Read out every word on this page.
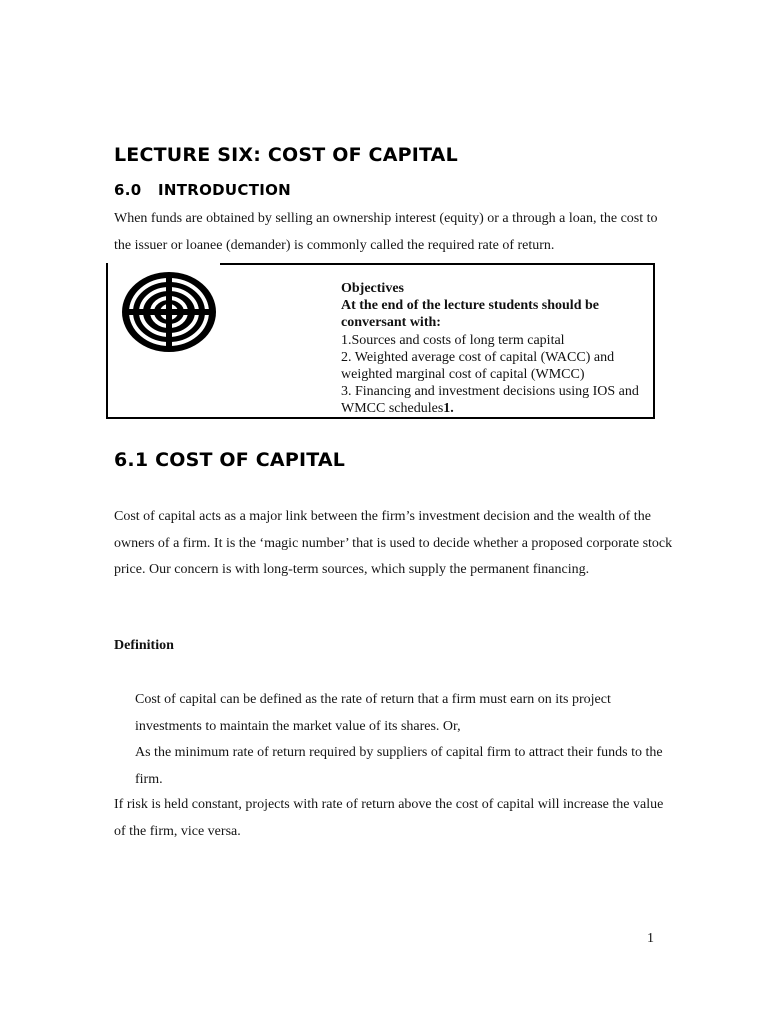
LECTURE SIX: COST OF CAPITAL
6.0 INTRODUCTION

When funds are obtained by selling an ownership interest (equity) or a through a loan, the cost to the issuer or loanee (demander) is commonly called the required rate of return.

Objectives
At the end of the lecture students should be conversant with:
1.Sources and costs of long term capital
2. Weighted average cost of capital (WACC) and weighted marginal cost of capital (WMCC)
3. Financing and investment decisions using IOS and WMCC schedules1.
6.1 COST OF CAPITAL

Cost of capital acts as a major link between the firm’s investment decision and the wealth of the owners of a firm. It is the ‘magic number’ that is used to decide whether a proposed corporate stock price. Our concern is with long-term sources, which supply the permanent financing.

Definition

Cost of capital can be defined as the rate of return that a firm must earn on its project investments to maintain the market value of its shares. Or,
As the minimum rate of return required by suppliers of capital firm to attract their funds to the firm.

If risk is held constant, projects with rate of return above the cost of capital will increase the value of the firm, vice versa.

1
